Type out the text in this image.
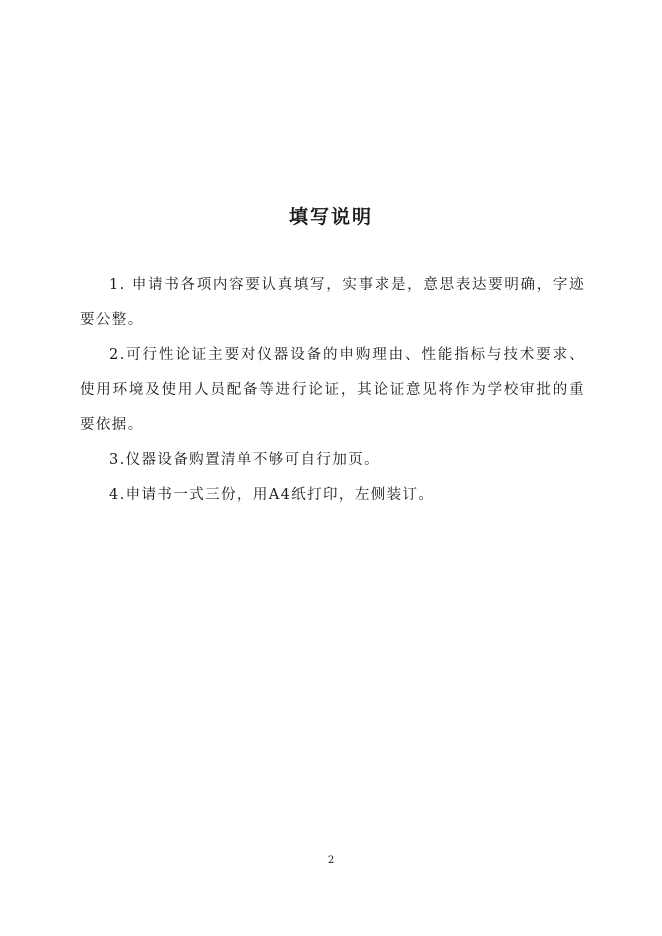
填写说明

1. 申请书各项内容要认真填写，实事求是，意思表达要明确，字迹要公整。

2.可行性论证主要对仪器设备的申购理由、性能指标与技术要求、使用环境及使用人员配备等进行论证，其论证意见将作为学校审批的重要依据。

3.仪器设备购置清单不够可自行加页。

4.申请书一式三份，用A4纸打印，左侧装订。

2
